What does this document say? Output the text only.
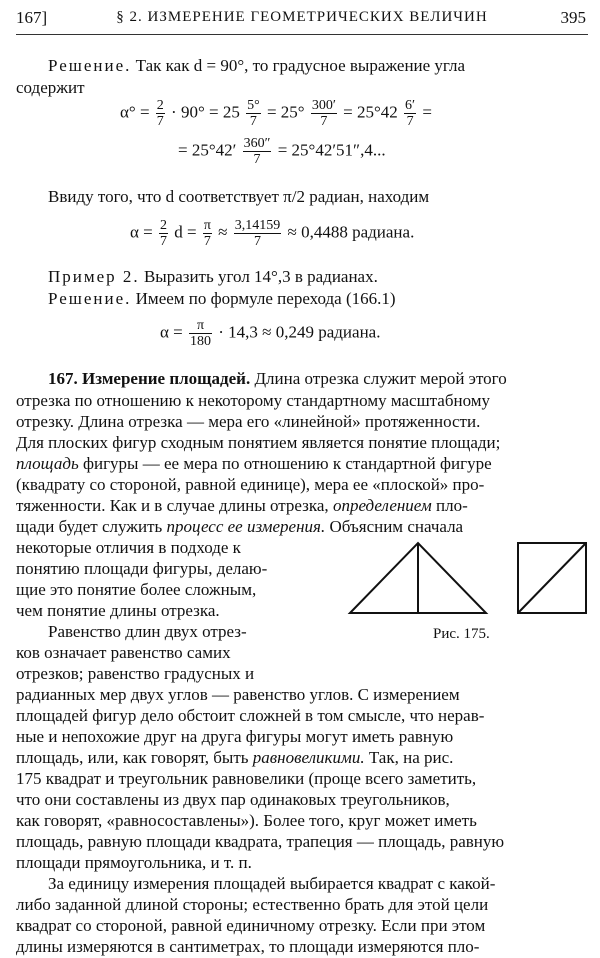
167]	§ 2. ИЗМЕРЕНИЕ ГЕОМЕТРИЧЕСКИХ ВЕЛИЧИН	395
Решение. Так как d = 90°, то градусное выражение угла
содержит
$\alpha^\circ = \frac{2}{7} \cdot 90^\circ = 25 \frac{5^\circ}{7} = 25^\circ \frac{300'}{7} = 25^\circ 42 \frac{6'}{7}$ =
= $25^\circ 42' \frac{360''}{7} = 25^\circ 42'51'',4$...
Ввиду того, что d соответствует π/2 радиан, находим
$\alpha = \frac{2}{7}$ $d = \frac{\pi}{7} \approx \frac{3,14159}{7} \approx 0,4488$ радиана.
Пример 2. Выразить угол 14°,3 в радианах.
Решение. Имеем по формуле перехода (166.1)
$\alpha = \frac{\pi}{180} \cdot 14,3 \approx 0,249$ радиана.
167. Измерение площадей. Длина отрезка служит мерой этого
отрезка по отношению к некоторому стандартному масштабному
отрезку. Длина отрезка — мера его «линейной» протяженности.
Для плоских фигур сходным понятием является понятие площади;
площадь фигуры — ее мера по отношению к стандартной фигуре
(квадрату со стороной, равной единице), мера ее «плоской» про-
тяженности. Как и в случае длины отрезка, определением пло-
щади будет служить процесс ее измерения. Объясним сначала
некоторые отличия в подходе к
понятию площади фигуры, делаю-
щие это понятие более сложным,
чем понятие длины отрезка.
Равенство длин двух отрез-
ков означает равенство самих
отрезков; равенство градусных и
радианных мер двух углов — равенство углов. С измерением
площадей фигур дело обстоит сложней в том смысле, что нерав-
ные и непохожие друг на друга фигуры могут иметь равную
площадь, или, как говорят, быть равновеликими. Так, на рис.
175 квадрат и треугольник равновелики (проще всего заметить,
что они составлены из двух пар одинаковых треугольников,
как говорят, «равносоставлены»). Более того, круг может иметь
площадь, равную площади квадрата, трапеция — площадь, равную
площади прямоугольника, и т. п.
За единицу измерения площадей выбирается квадрат с какой-
либо заданной длиной стороны; естественно брать для этой цели
квадрат со стороной, равной единичному отрезку. Если при этом
длины измеряются в сантиметрах, то площади измеряются пло-
Рис. 175.
